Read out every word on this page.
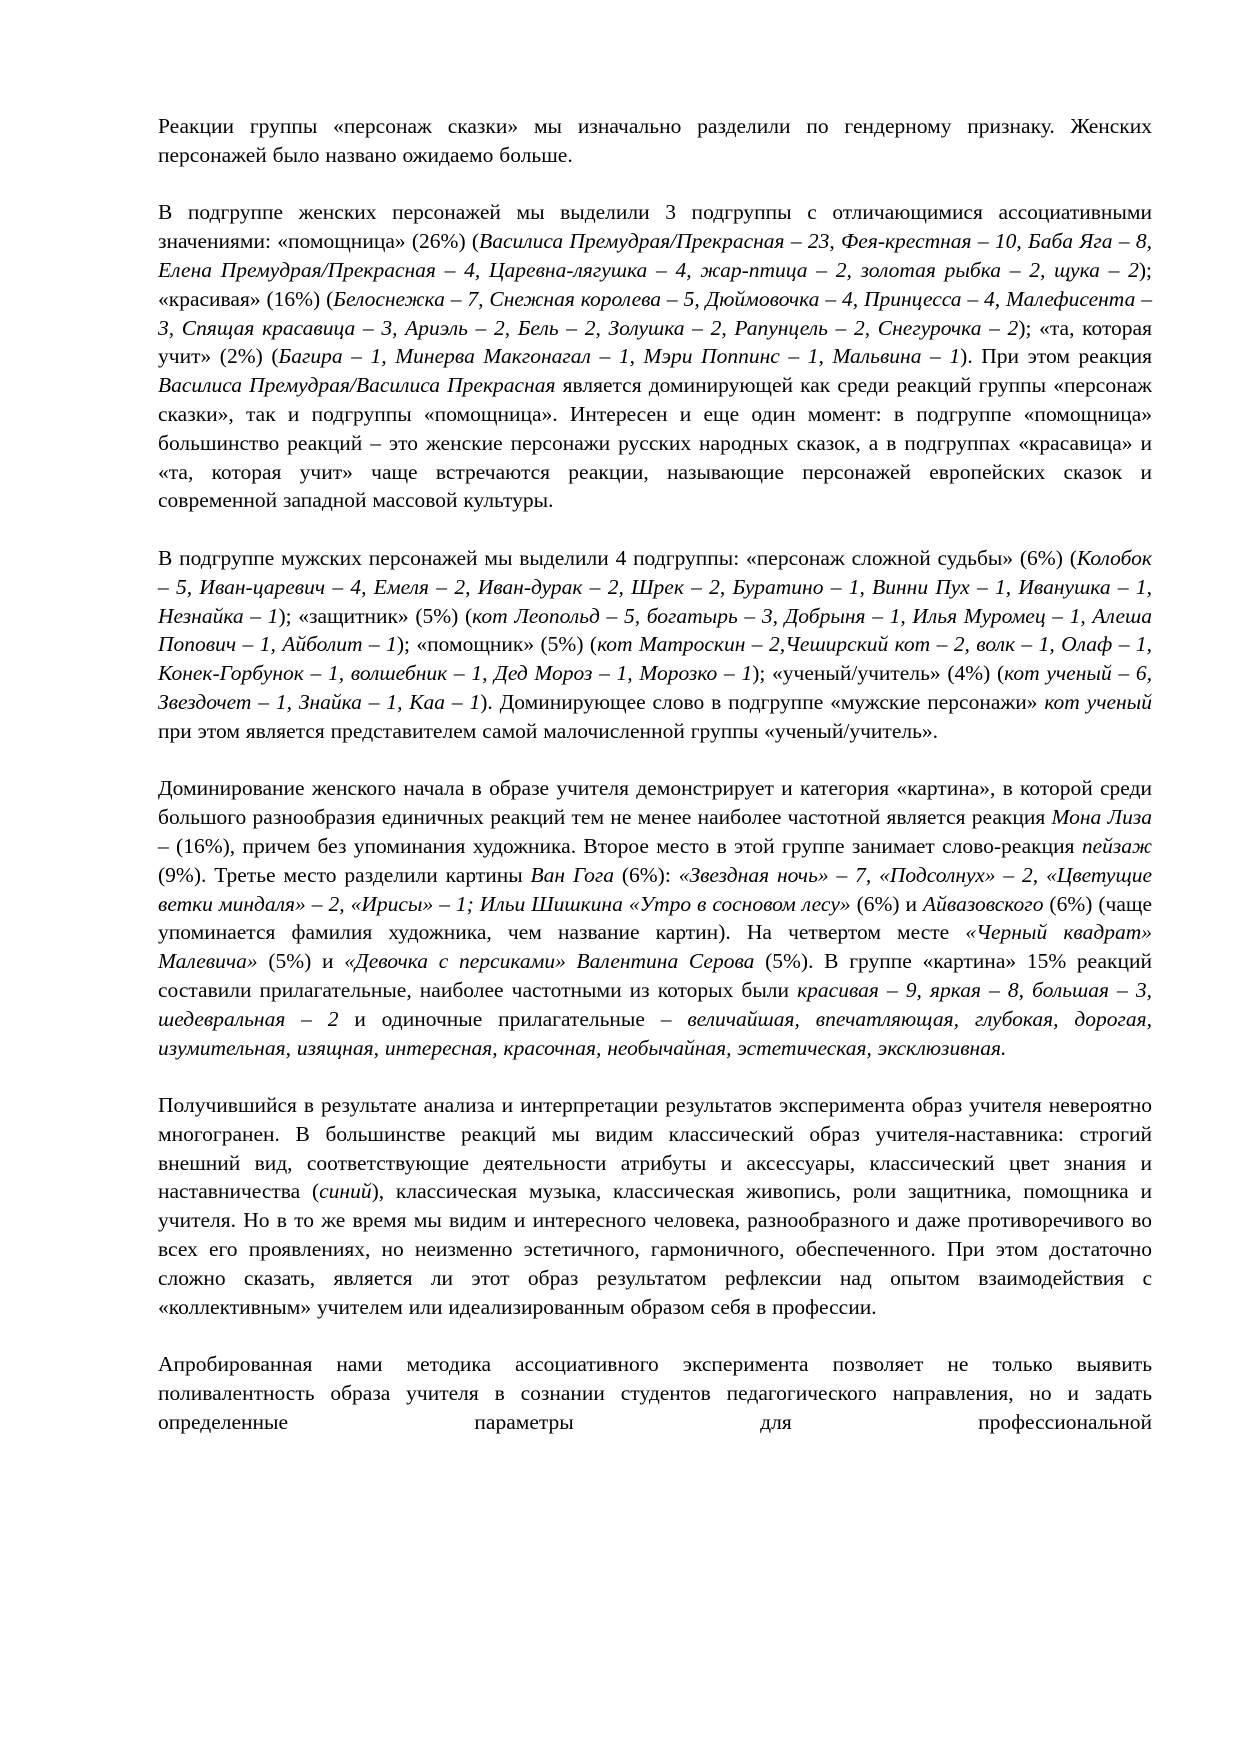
Реакции группы «персонаж сказки» мы изначально разделили по гендерному признаку. Женских персонажей было названо ожидаемо больше.

В подгруппе женских персонажей мы выделили 3 подгруппы с отличающимися ассоциативными значениями: «помощница» (26%) (Василиса Премудрая/Прекрасная – 23, Фея-крестная – 10, Баба Яга – 8, Елена Премудрая/Прекрасная – 4, Царевна-лягушка – 4, жар-птица – 2, золотая рыбка – 2, щука – 2); «красивая» (16%) (Белоснежка – 7, Снежная королева – 5, Дюймовочка – 4, Принцесса – 4, Малефисента – 3, Спящая красавица – 3, Ариэль – 2, Бель – 2, Золушка – 2, Рапунцель – 2, Снегурочка – 2); «та, которая учит» (2%) (Багира – 1, Минерва Макгонагал – 1, Мэри Поппинс – 1, Мальвина – 1). При этом реакция Василиса Премудрая/Василиса Прекрасная является доминирующей как среди реакций группы «персонаж сказки», так и подгруппы «помощница». Интересен и еще один момент: в подгруппе «помощница» большинство реакций – это женские персонажи русских народных сказок, а в подгруппах «красавица» и «та, которая учит» чаще встречаются реакции, называющие персонажей европейских сказок и современной западной массовой культуры.

В подгруппе мужских персонажей мы выделили 4 подгруппы: «персонаж сложной судьбы» (6%) (Колобок – 5, Иван-царевич – 4, Емеля – 2, Иван-дурак – 2, Шрек – 2, Буратино – 1, Винни Пух – 1, Иванушка – 1, Незнайка – 1); «защитник» (5%) (кот Леопольд – 5, богатырь – 3, Добрыня – 1, Илья Муромец – 1, Алеша Попович – 1, Айболит – 1); «помощник» (5%) (кот Матроскин – 2,Чеширский кот – 2, волк – 1, Олаф – 1, Конек-Горбунок – 1, волшебник – 1, Дед Мороз – 1, Морозко – 1); «ученый/учитель» (4%) (кот ученый – 6, Звездочет – 1, Знайка – 1, Каа – 1). Доминирующее слово в подгруппе «мужские персонажи» кот ученый при этом является представителем самой малочисленной группы «ученый/учитель».

Доминирование женского начала в образе учителя демонстрирует и категория «картина», в которой среди большого разнообразия единичных реакций тем не менее наиболее частотной является реакция Мона Лиза – (16%), причем без упоминания художника. Второе место в этой группе занимает слово-реакция пейзаж (9%). Третье место разделили картины Ван Гога (6%): «Звездная ночь» – 7, «Подсолнух» – 2, «Цветущие ветки миндаля» – 2, «Ирисы» – 1; Ильи Шишкина «Утро в сосновом лесу» (6%) и Айвазовского (6%) (чаще упоминается фамилия художника, чем название картин). На четвертом месте «Черный квадрат» Малевича» (5%) и «Девочка с персиками» Валентина Серова (5%). В группе «картина» 15% реакций составили прилагательные, наиболее частотными из которых были красивая – 9, яркая – 8, большая – 3, шедевральная – 2 и одиночные прилагательные – величайшая, впечатляющая, глубокая, дорогая, изумительная, изящная, интересная, красочная, необычайная, эстетическая, эксклюзивная.

Получившийся в результате анализа и интерпретации результатов эксперимента образ учителя невероятно многогранен. В большинстве реакций мы видим классический образ учителя-наставника: строгий внешний вид, соответствующие деятельности атрибуты и аксессуары, классический цвет знания и наставничества (синий), классическая музыка, классическая живопись, роли защитника, помощника и учителя. Но в то же время мы видим и интересного человека, разнообразного и даже противоречивого во всех его проявлениях, но неизменно эстетичного, гармоничного, обеспеченного. При этом достаточно сложно сказать, является ли этот образ результатом рефлексии над опытом взаимодействия с «коллективным» учителем или идеализированным образом себя в профессии.

Апробированная нами методика ассоциативного эксперимента позволяет не только выявить поливалентность образа учителя в сознании студентов педагогического направления, но и задать определенные параметры для профессиональной
